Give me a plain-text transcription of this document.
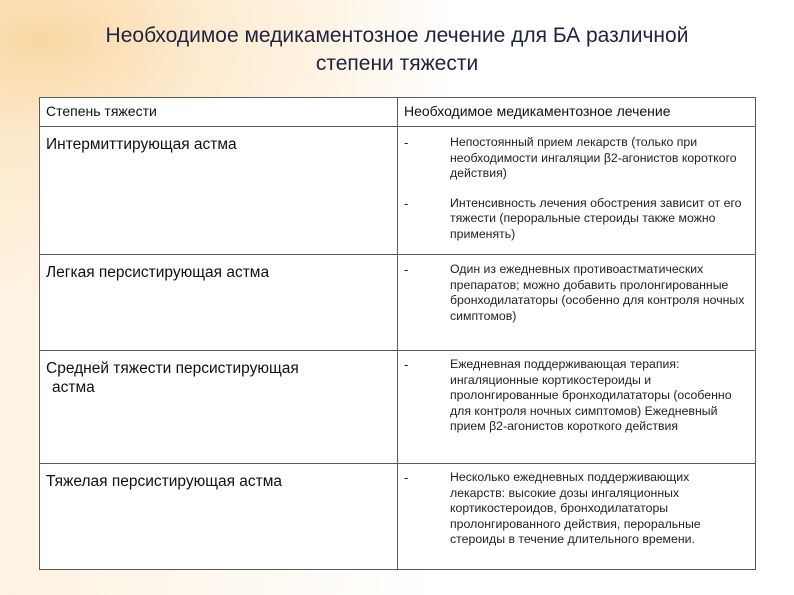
Необходимое медикаментозное лечение для БА различной
степени тяжести
Степень тяжести	Необходимое медикаментозное лечение
Интермиттирующая астма	- Непостоянный прием лекарств (только при необходимости ингаляции β2-агонистов короткого действия)
- Интенсивность лечения обострения зависит от его тяжести (пероральные стероиды также можно применять)

Легкая персистирующая астма	- Один из ежедневных противоастматических препаратов; можно добавить пролонгированные бронходилататоры (особенно для контроля ночных симптомов)

Средней тяжести персистирующая
астма	- Ежедневная поддерживающая терапия: ингаляционные кортикостероиды и пролонгированные бронходилататоры (особенно для контроля ночных симптомов) Ежедневный прием β2-агонистов короткого действия

Тяжелая персистирующая астма	- Несколько ежедневных поддерживающих лекарств: высокие дозы ингаляционных кортикостероидов, бронходилататоры пролонгированного действия, пероральные стероиды в течение длительного времени.
